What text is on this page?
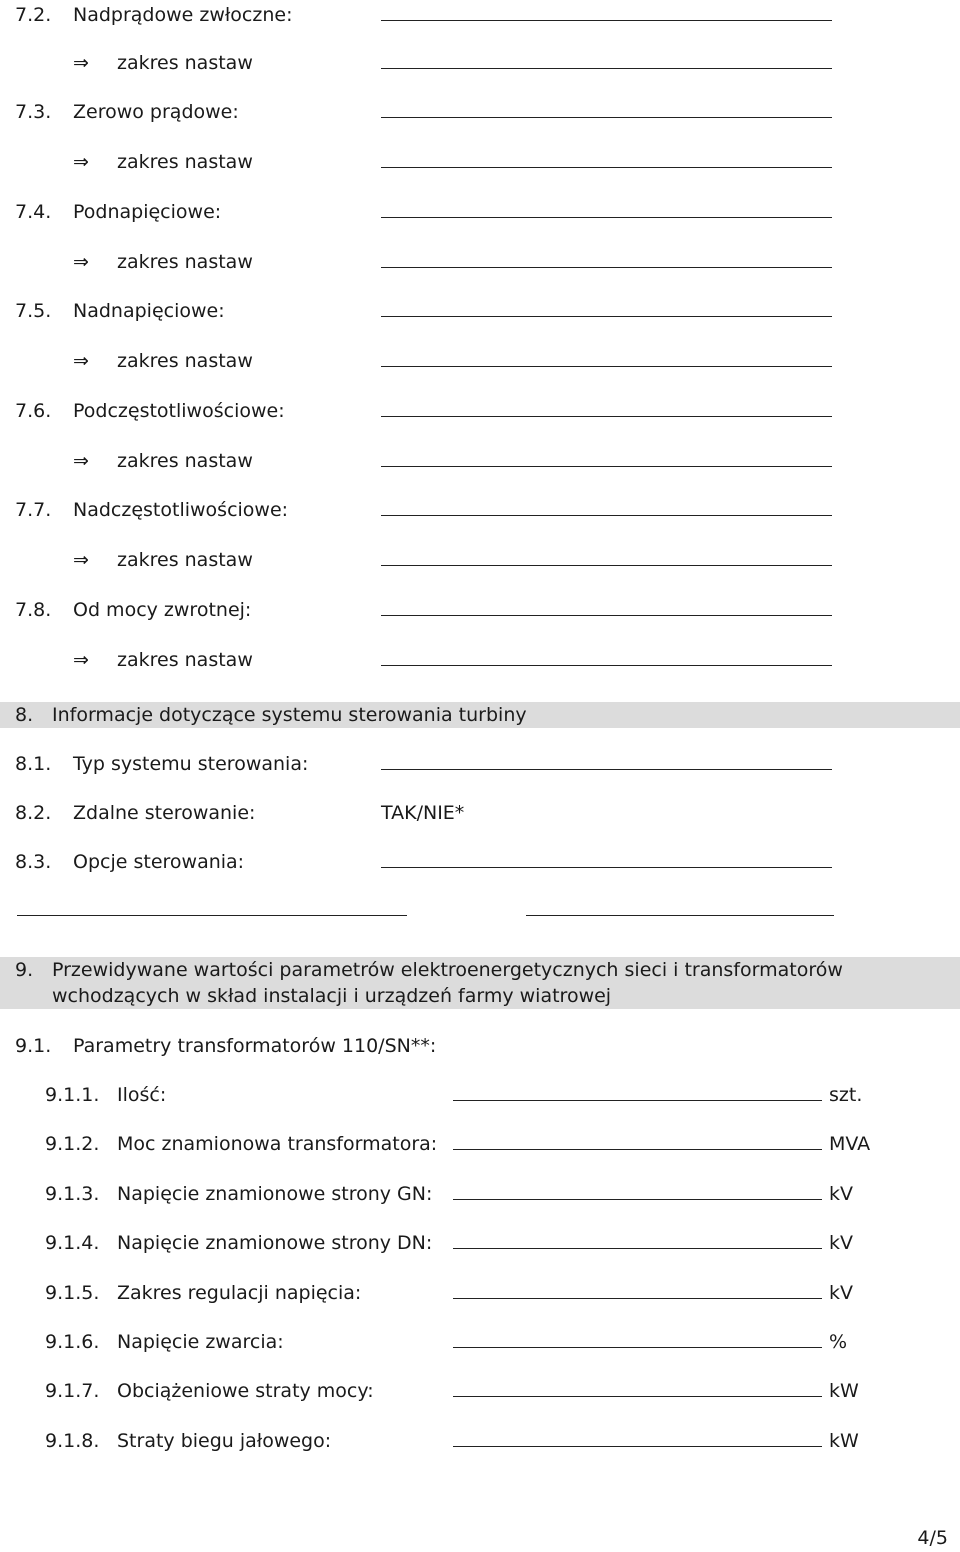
7.2. Nadprądowe zwłoczne:
⇒	zakres nastaw
7.3. Zerowo prądowe:
⇒	zakres nastaw
7.4. Podnapięciowe:
⇒	zakres nastaw
7.5. Nadnapięciowe:
⇒	zakres nastaw
7.6. Podczęstotliwościowe:
⇒	zakres nastaw
7.7. Nadczęstotliwościowe:
⇒	zakres nastaw
7.8. Od mocy zwrotnej:
⇒	zakres nastaw
8. Informacje dotyczące systemu sterowania turbiny
8.1. Typ systemu sterowania:
8.2. Zdalne sterowanie:	TAK/NIE*
8.3. Opcje sterowania:
9. Przewidywane wartości parametrów elektroenergetycznych sieci i transformatorów wchodzących w skład instalacji i urządzeń farmy wiatrowej
9.1. Parametry transformatorów 110/SN**:
9.1.1. Ilość:	szt.
9.1.2. Moc znamionowa transformatora:	MVA
9.1.3. Napięcie znamionowe strony GN:	kV
9.1.4. Napięcie znamionowe strony DN:	kV
9.1.5. Zakres regulacji napięcia:	kV
9.1.6. Napięcie zwarcia:	%
9.1.7. Obciążeniowe straty mocy:	kW
9.1.8. Straty biegu jałowego:	kW
4/5
